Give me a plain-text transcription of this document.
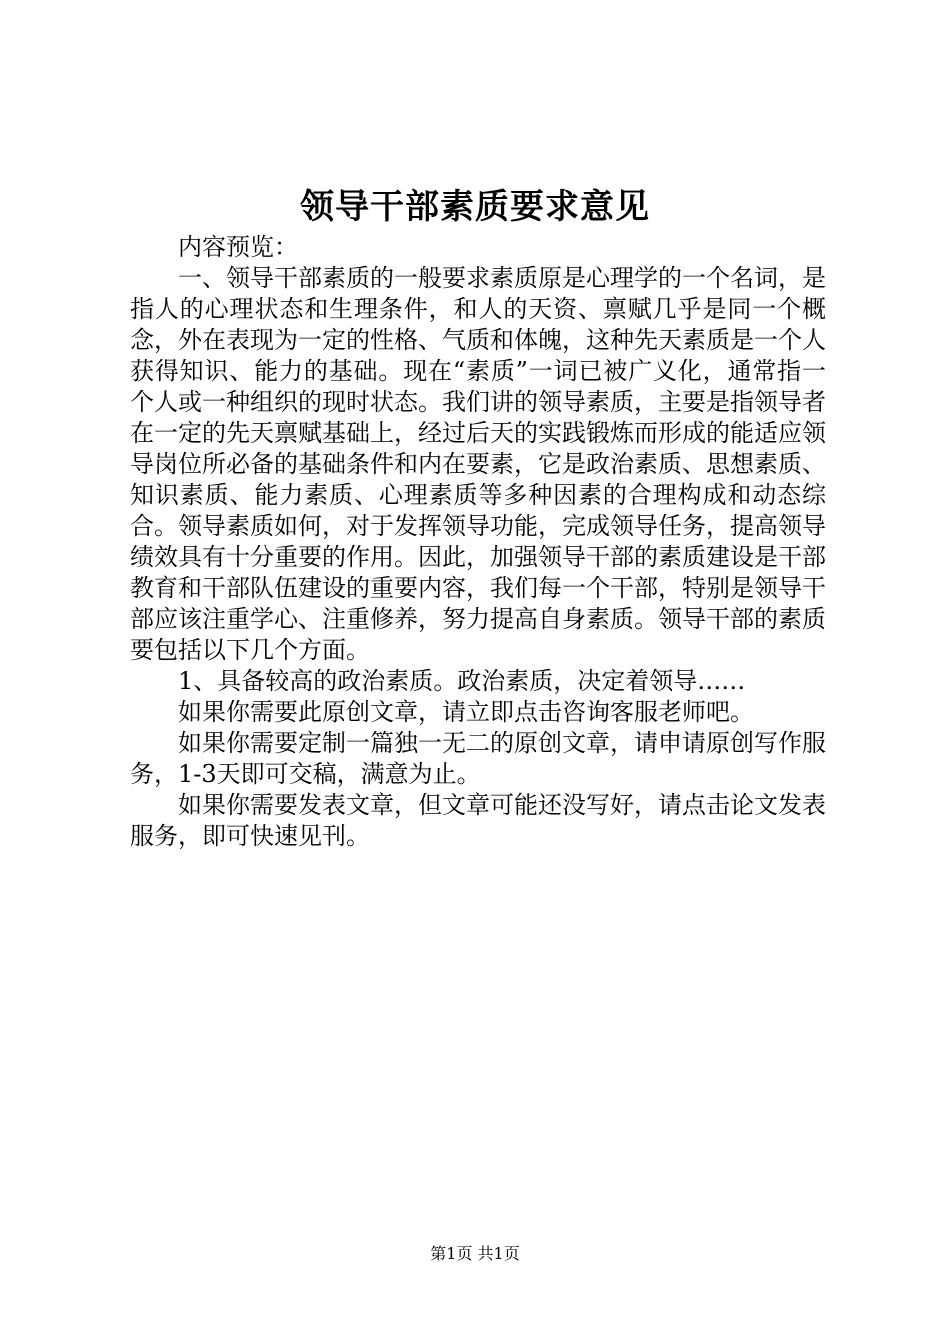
领导干部素质要求意见

内容预览：

一、领导干部素质的一般要求素质原是心理学的一个名词，是指人的心理状态和生理条件，和人的天资、禀赋几乎是同一个概念，外在表现为一定的性格、气质和体魄，这种先天素质是一个人获得知识、能力的基础。现在“素质”一词已被广义化，通常指一个人或一种组织的现时状态。我们讲的领导素质，主要是指领导者在一定的先天禀赋基础上，经过后天的实践锻炼而形成的能适应领导岗位所必备的基础条件和内在要素，它是政治素质、思想素质、知识素质、能力素质、心理素质等多种因素的合理构成和动态综合。领导素质如何，对于发挥领导功能，完成领导任务，提高领导绩效具有十分重要的作用。因此，加强领导干部的素质建设是干部教育和干部队伍建设的重要内容，我们每一个干部，特别是领导干部应该注重学心、注重修养，努力提高自身素质。领导干部的素质要包括以下几个方面。

1、具备较高的政治素质。政治素质，决定着领导……

如果你需要此原创文章，请立即点击咨询客服老师吧。

如果你需要定制一篇独一无二的原创文章，请申请原创写作服务，1-3天即可交稿，满意为止。

如果你需要发表文章，但文章可能还没写好，请点击论文发表服务，即可快速见刊。

第1页 共1页
